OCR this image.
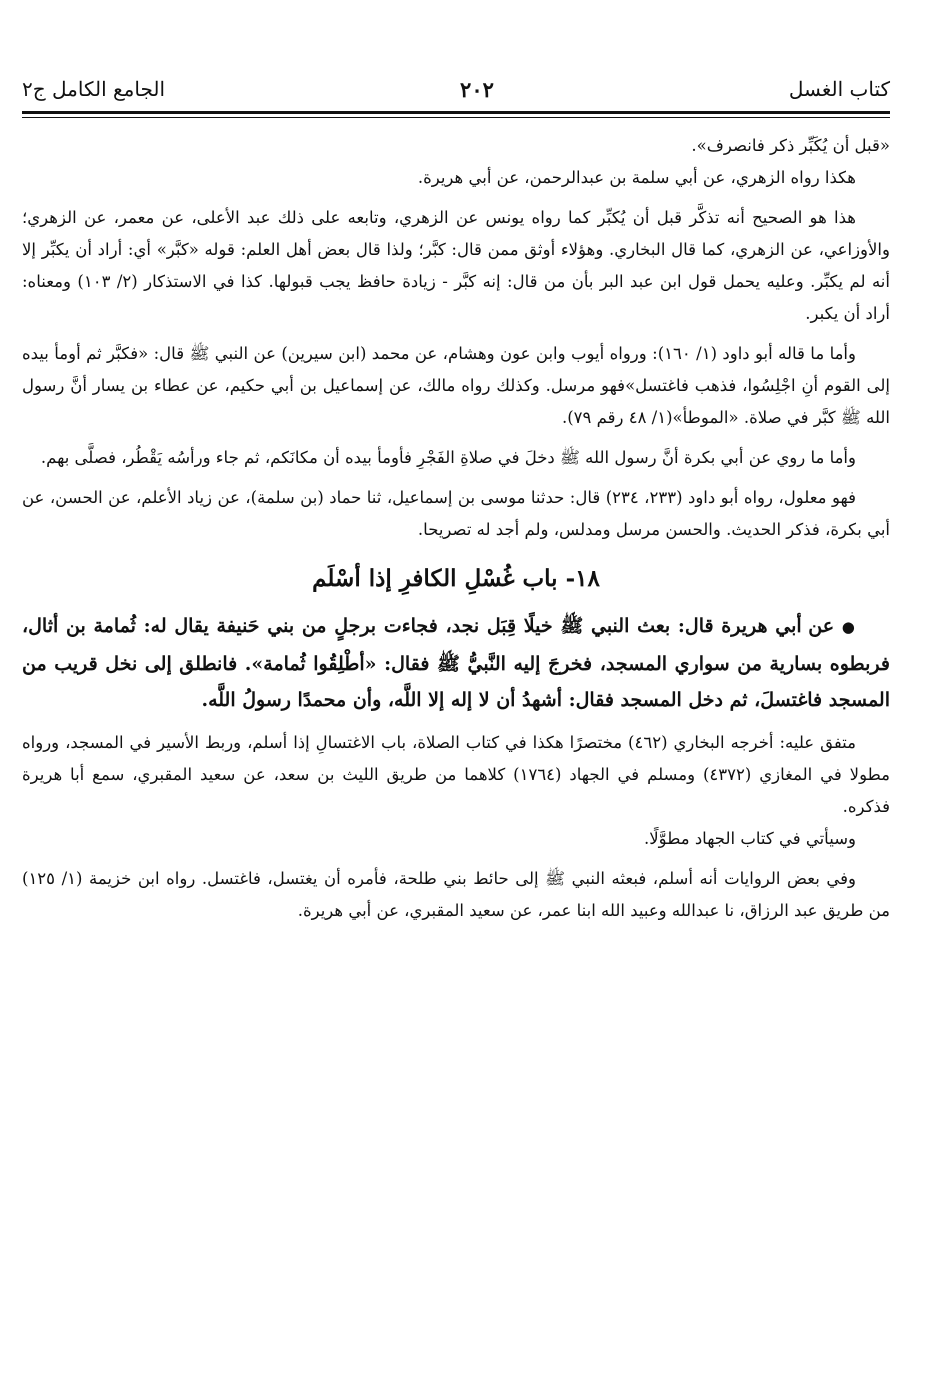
كتاب الغسل
٢٠٢
الجامع الكامل ج٢

«قبل أن يُكَبِّر ذكر فانصرف».

هكذا رواه الزهري، عن أبي سلمة بن عبدالرحمن، عن أبي هريرة.

هذا هو الصحيح أنه تذكَّر قبل أن يُكبِّر كما رواه يونس عن الزهري، وتابعه على ذلك عبد الأعلى، عن معمر، عن الزهري؛ والأوزاعي، عن الزهري، كما قال البخاري. وهؤلاء أوثق ممن قال: كبَّر؛ ولذا قال بعض أهل العلم: قوله «كبَّر» أي: أراد أن يكبِّر إلا أنه لم يكبِّر. وعليه يحمل قول ابن عبد البر بأن من قال: إنه كبَّر - زيادة حافظ يجب قبولها. كذا في الاستذكار (٢/ ١٠٣) ومعناه: أراد أن يكبر.

وأما ما قاله أبو داود (١/ ١٦٠): ورواه أيوب وابن عون وهشام، عن محمد (ابن سيرين) عن النبي ﷺ قال: «فكبَّر ثم أومأ بيده إلى القوم أنِ اجْلِسُوا، فذهب فاغتسل»فهو مرسل. وكذلك رواه مالك، عن إسماعيل بن أبي حكيم، عن عطاء بن يسار أنَّ رسول الله ﷺ كبَّر في صلاة. «الموطأ»(١/ ٤٨ رقم ٧٩).

وأما ما روي عن أبي بكرة أنَّ رسول الله ﷺ دخلَ في صلاةِ الفَجْرِ فأومأ بيده أن مكانَكم، ثم جاء ورأسُه يَقْطُر، فصلَّى بهم.

فهو معلول، رواه أبو داود (٢٣٣، ٢٣٤) قال: حدثنا موسى بن إسماعيل، ثنا حماد (بن سلمة)، عن زياد الأعلم، عن الحسن، عن أبي بكرة، فذكر الحديث. والحسن مرسل ومدلس، ولم أجد له تصريحا.

١٨- باب غُسْلِ الكافرِ إذا أسْلَم

● عن أبي هريرة قال: بعث النبي ﷺ خيلًا قِبَل نجد، فجاءت برجلٍ من بني حَنيفة يقال له: ثُمامة بن أثال، فربطوه بسارية من سواري المسجد، فخرجَ إليه النَّبيُّ ﷺ فقال: «أطْلِقُوا ثُمامة». فانطلق إلى نخل قريب من المسجد فاغتسلَ، ثم دخل المسجد فقال: أشهدُ أن لا إله إلا اللَّه، وأن محمدًا رسولُ اللَّه.

متفق عليه: أخرجه البخاري (٤٦٢) مختصرًا هكذا في كتاب الصلاة، باب الاغتسالِ إذا أسلم، وربط الأسير في المسجد، ورواه مطولا في المغازي (٤٣٧٢) ومسلم في الجهاد (١٧٦٤) كلاهما من طريق الليث بن سعد، عن سعيد المقبري، سمع أبا هريرة فذكره.

وسيأتي في كتاب الجهاد مطوَّلًا.

وفي بعض الروايات أنه أسلم، فبعثه النبي ﷺ إلى حائط بني طلحة، فأمره أن يغتسل، فاغتسل. رواه ابن خزيمة (١/ ١٢٥) من طريق عبد الرزاق، نا عبدالله وعبيد الله ابنا عمر، عن سعيد المقبري، عن أبي هريرة.
